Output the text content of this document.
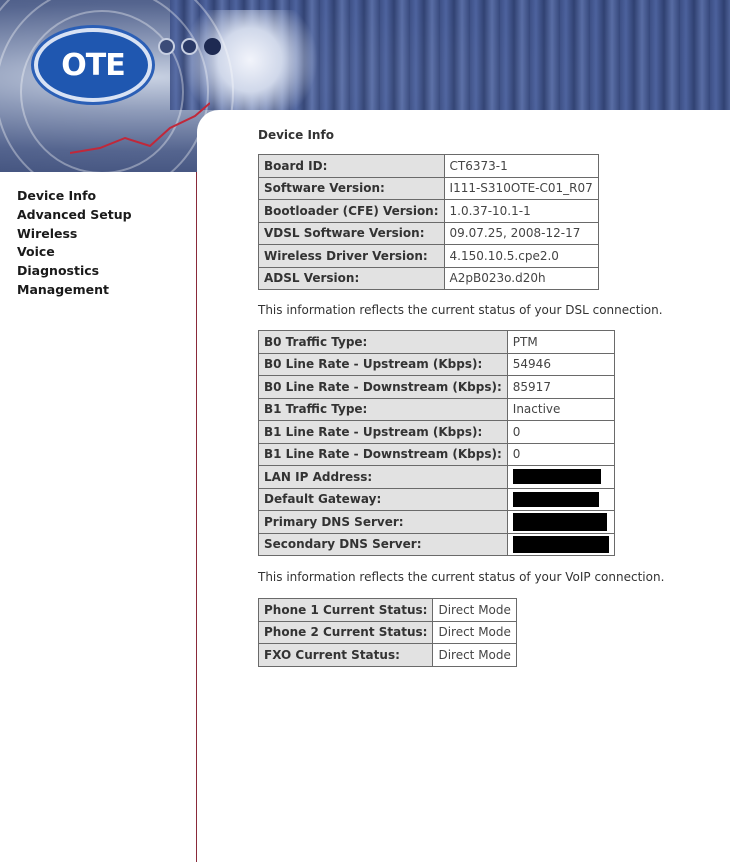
OTE
Device Info
Advanced Setup
Wireless
Voice
Diagnostics
Management
Device Info
Board ID:	CT6373-1
Software Version:	I111-S310OTE-C01_R07
Bootloader (CFE) Version:	1.0.37-10.1-1
VDSL Software Version:	09.07.25, 2008-12-17
Wireless Driver Version:	4.150.10.5.cpe2.0
ADSL Version:	A2pB023o.d20h

This information reflects the current status of your DSL connection.

B0 Traffic Type:	PTM
B0 Line Rate - Upstream (Kbps):	54946
B0 Line Rate - Downstream (Kbps):	85917
B1 Traffic Type:	Inactive
B1 Line Rate - Upstream (Kbps):	0
B1 Line Rate - Downstream (Kbps):	0
LAN IP Address:	
Default Gateway:	
Primary DNS Server:	
Secondary DNS Server:	

This information reflects the current status of your VoIP connection.

Phone 1 Current Status:	Direct Mode
Phone 2 Current Status:	Direct Mode
FXO Current Status:	Direct Mode
